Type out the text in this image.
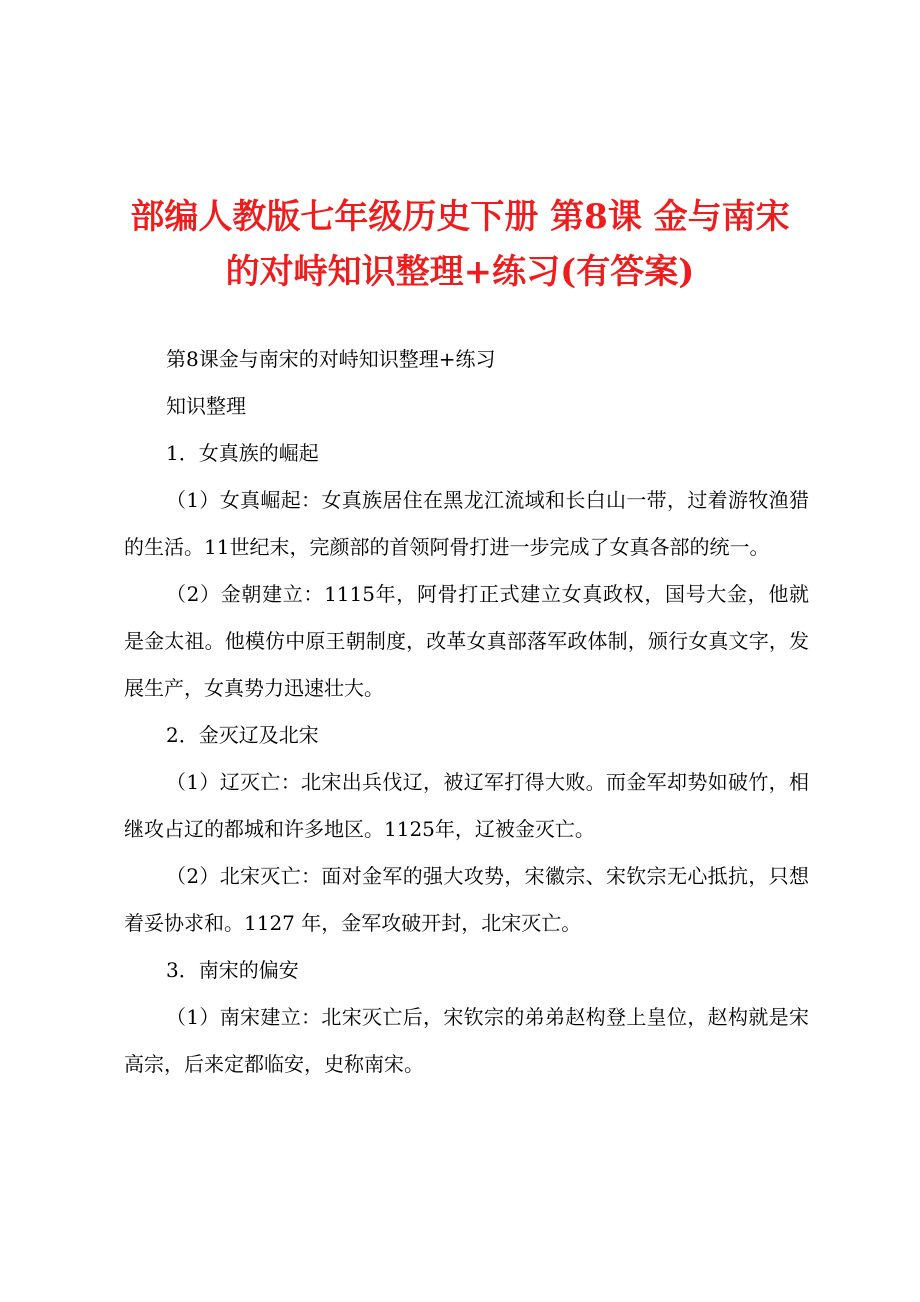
部编人教版七年级历史下册 第8课 金与南宋
的对峙知识整理+练习(有答案)

第8课金与南宋的对峙知识整理+练习

知识整理

1．女真族的崛起

（1）女真崛起：女真族居住在黑龙江流域和长白山一带，过着游牧渔猎的生活。11世纪末，完颜部的首领阿骨打进一步完成了女真各部的统一。

（2）金朝建立：1115年，阿骨打正式建立女真政权，国号大金，他就是金太祖。他模仿中原王朝制度，改革女真部落军政体制，颁行女真文字，发展生产，女真势力迅速壮大。

2．金灭辽及北宋

（1）辽灭亡：北宋出兵伐辽，被辽军打得大败。而金军却势如破竹，相继攻占辽的都城和许多地区。1125年，辽被金灭亡。

（2）北宋灭亡：面对金军的强大攻势，宋徽宗、宋钦宗无心抵抗，只想着妥协求和。1127 年，金军攻破开封，北宋灭亡。

3．南宋的偏安

（1）南宋建立：北宋灭亡后，宋钦宗的弟弟赵构登上皇位，赵构就是宋高宗，后来定都临安，史称南宋。
